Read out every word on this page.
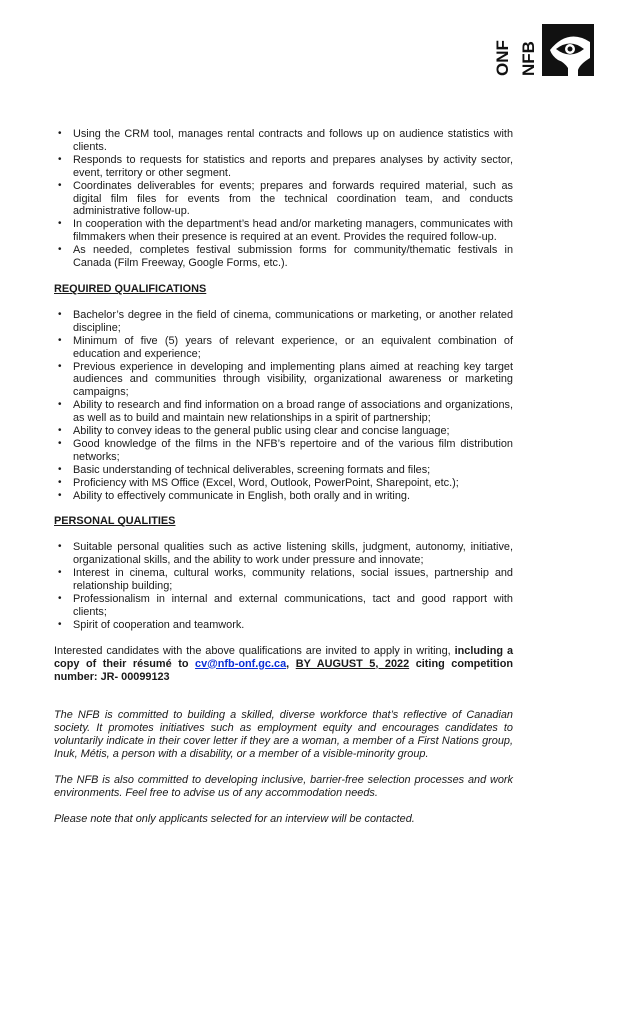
ONF NFB
• Using the CRM tool, manages rental contracts and follows up on audience statistics with clients.
• Responds to requests for statistics and reports and prepares analyses by activity sector, event, territory or other segment.
• Coordinates deliverables for events; prepares and forwards required material, such as digital film files for events from the technical coordination team, and conducts administrative follow-up.
• In cooperation with the department’s head and/or marketing managers, communicates with filmmakers when their presence is required at an event. Provides the required follow-up.
• As needed, completes festival submission forms for community/thematic festivals in Canada (Film Freeway, Google Forms, etc.).

REQUIRED QUALIFICATIONS

• Bachelor’s degree in the field of cinema, communications or marketing, or another related discipline;
• Minimum of five (5) years of relevant experience, or an equivalent combination of education and experience;
• Previous experience in developing and implementing plans aimed at reaching key target audiences and communities through visibility, organizational awareness or marketing campaigns;
• Ability to research and find information on a broad range of associations and organizations, as well as to build and maintain new relationships in a spirit of partnership;
• Ability to convey ideas to the general public using clear and concise language;
• Good knowledge of the films in the NFB’s repertoire and of the various film distribution networks;
• Basic understanding of technical deliverables, screening formats and files;
• Proficiency with MS Office (Excel, Word, Outlook, PowerPoint, Sharepoint, etc.);
• Ability to effectively communicate in English, both orally and in writing.

PERSONAL QUALITIES

• Suitable personal qualities such as active listening skills, judgment, autonomy, initiative, organizational skills, and the ability to work under pressure and innovate;
• Interest in cinema, cultural works, community relations, social issues, partnership and relationship building;
• Professionalism in internal and external communications, tact and good rapport with clients;
• Spirit of cooperation and teamwork.

Interested candidates with the above qualifications are invited to apply in writing, including a copy of their résumé to cv@nfb-onf.gc.ca, BY AUGUST 5, 2022 citing competition number: JR- 00099123

The NFB is committed to building a skilled, diverse workforce that’s reflective of Canadian society. It promotes initiatives such as employment equity and encourages candidates to voluntarily indicate in their cover letter if they are a woman, a member of a First Nations group, Inuk, Métis, a person with a disability, or a member of a visible-minority group.

The NFB is also committed to developing inclusive, barrier-free selection processes and work environments. Feel free to advise us of any accommodation needs.

Please note that only applicants selected for an interview will be contacted.
